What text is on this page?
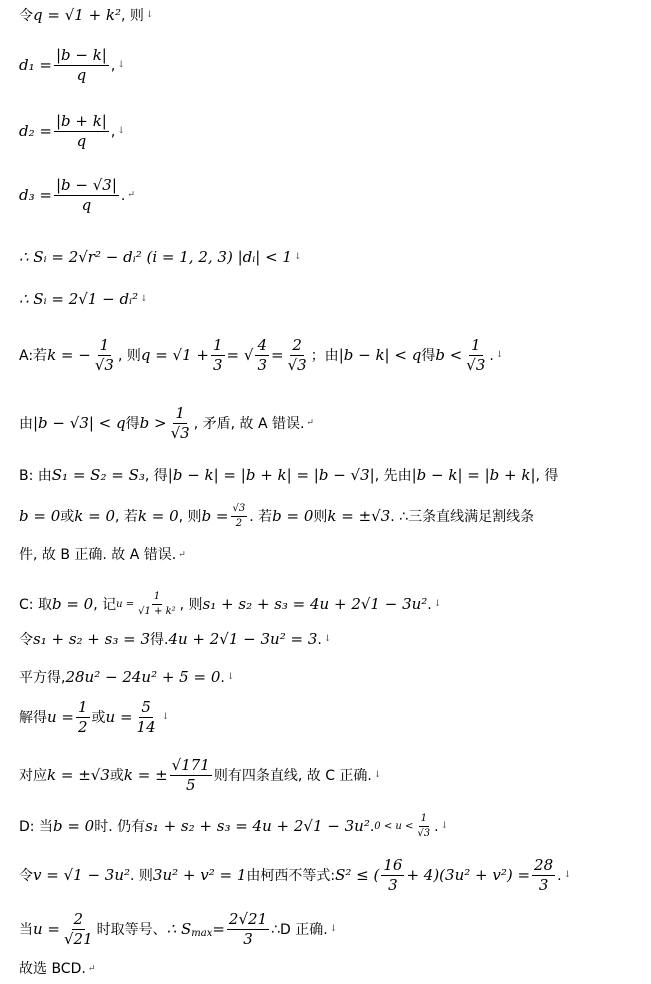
令 q = √1 + k² , 则 ↓
$d_1 = \frac{|b - k|}{q}$ , ↓
$d_2 = \frac{|b + k|}{q}$ , ↓
$d_3 = \frac{|b - √3|}{q}$ . ↵
∴ Sᵢ = 2√r² − dᵢ² (i = 1, 2, 3) |dᵢ| < 1 ↓
∴ Sᵢ = 2√1 − dᵢ² ↓
A:若 k = − $\frac{1}{√3}$ , 则 $q = √1 + \frac{1}{3}$ = √ $\frac{4}{3} = \frac{2}{√3}$ ；由 |b − k| < q 得 $b < \frac{1}{√3}$ . ↓
由 |b − √3| < q 得 $b > \frac{1}{√3}$ , 矛盾, 故 A 错误. ↵
B: 由 S₁ = S₂ = S₃ , 得 |b − k| = |b + k| = |b − √3| , 先由 |b − k| = |b + k| , 得
b = 0 或 k = 0 , 若 k = 0 , 则 $b = \frac{√3}{2}$ . 若 b = 0 则 k = ±√3 . ∴三条直线满足割线条
件, 故 B 正确. 故 A 错误. ↵
C: 取 b = 0 , 记 $u = \frac{1}{\text{√1 + k²}}$ , 则 s₁ + s₂ + s₃ = 4u + 2√1 − 3u² . ↓
令 s₁ + s₂ + s₃ = 3 得. 4u + 2√1 − 3u² = 3 . ↓
平方得, 28u² − 24u² + 5 = 0 . ↓
解得 $u = \frac{1}{2}$ 或 $u = \frac{5}{14}$ ↓
对应 k = ±√3 或 k = ± $\frac{√171}{5}$ 则有四条直线, 故 C 正确. ↓
D: 当 b = 0 时. 仍有 s₁ + s₂ + s₃ = 4u + 2√1 − 3u² . $0 < u < \frac{1}{√3}$ . ↓
令 v = √1 − 3u² . 则 3u² + v² = 1 由柯西不等式: S² ≤ ( $\frac{16}{3} + 4)(3u^2 + v^2) = \frac{28}{3}$ . ↓
当 $u = \frac{2}{√21}$ 时取等号、 ∴ S $\max = \frac{2√21}{3}$ ∴D 正确. ↓
故选 BCD. ↵
